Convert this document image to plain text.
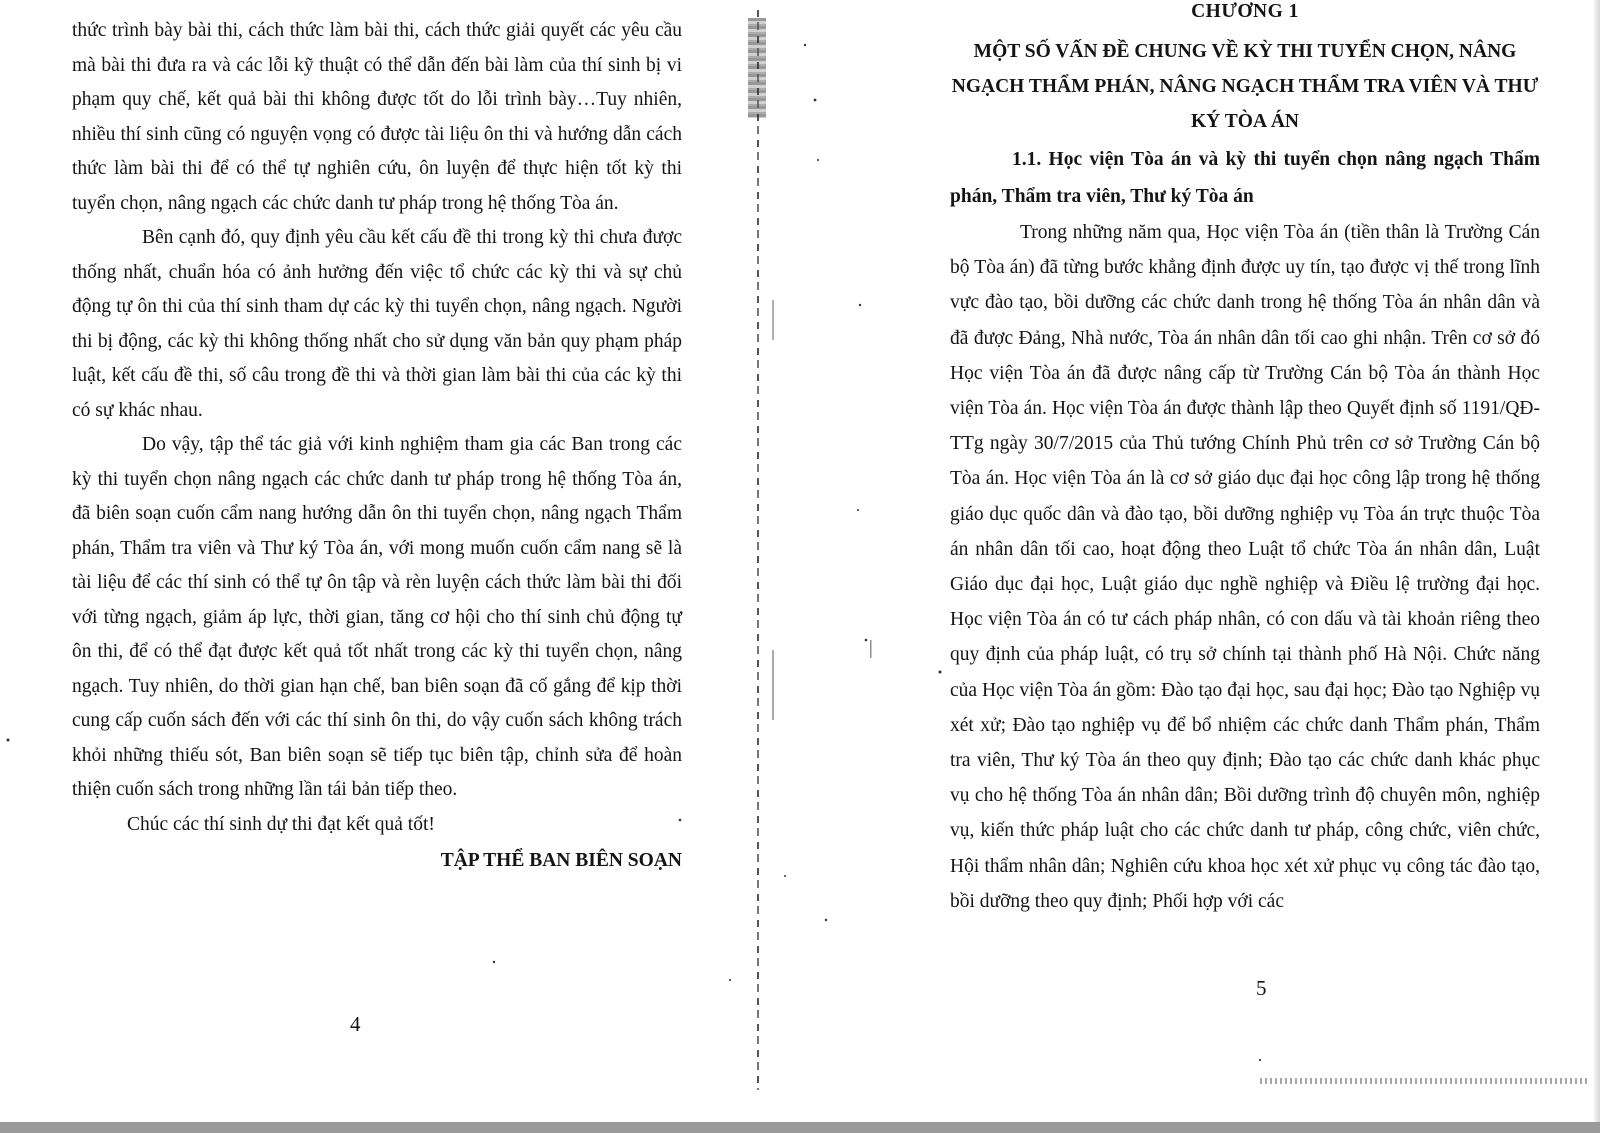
thức trình bày bài thi, cách thức làm bài thi, cách thức giải quyết các yêu cầu mà bài thi đưa ra và các lỗi kỹ thuật có thể dẫn đến bài làm của thí sinh bị vi phạm quy chế, kết quả bài thi không được tốt do lỗi trình bày…Tuy nhiên, nhiều thí sinh cũng có nguyện vọng có được tài liệu ôn thi và hướng dẫn cách thức làm bài thi để có thể tự nghiên cứu, ôn luyện để thực hiện tốt kỳ thi tuyển chọn, nâng ngạch các chức danh tư pháp trong hệ thống Tòa án.

Bên cạnh đó, quy định yêu cầu kết cấu đề thi trong kỳ thi chưa được thống nhất, chuẩn hóa có ảnh hưởng đến việc tổ chức các kỳ thi và sự chủ động tự ôn thi của thí sinh tham dự các kỳ thi tuyển chọn, nâng ngạch. Người thi bị động, các kỳ thi không thống nhất cho sử dụng văn bản quy phạm pháp luật, kết cấu đề thi, số câu trong đề thi và thời gian làm bài thi của các kỳ thi có sự khác nhau.

Do vậy, tập thể tác giả với kinh nghiệm tham gia các Ban trong các kỳ thi tuyển chọn nâng ngạch các chức danh tư pháp trong hệ thống Tòa án, đã biên soạn cuốn cẩm nang hướng dẫn ôn thi tuyển chọn, nâng ngạch Thẩm phán, Thẩm tra viên và Thư ký Tòa án, với mong muốn cuốn cẩm nang sẽ là tài liệu để các thí sinh có thể tự ôn tập và rèn luyện cách thức làm bài thi đối với từng ngạch, giảm áp lực, thời gian, tăng cơ hội cho thí sinh chủ động tự ôn thi, để có thể đạt được kết quả tốt nhất trong các kỳ thi tuyển chọn, nâng ngạch. Tuy nhiên, do thời gian hạn chế, ban biên soạn đã cố gắng để kịp thời cung cấp cuốn sách đến với các thí sinh ôn thi, do vậy cuốn sách không trách khỏi những thiếu sót, Ban biên soạn sẽ tiếp tục biên tập, chỉnh sửa để hoàn thiện cuốn sách trong những lần tái bản tiếp theo.

Chúc các thí sinh dự thi đạt kết quả tốt!

TẬP THỂ BAN BIÊN SOẠN

4

CHƯƠNG 1

MỘT SỐ VẤN ĐỀ CHUNG VỀ KỲ THI TUYỂN CHỌN, NÂNG NGẠCH THẨM PHÁN, NÂNG NGẠCH THẨM TRA VIÊN VÀ THƯ KÝ TÒA ÁN

1.1. Học viện Tòa án và kỳ thi tuyển chọn nâng ngạch Thẩm phán, Thẩm tra viên, Thư ký Tòa án

Trong những năm qua, Học viện Tòa án (tiền thân là Trường Cán bộ Tòa án) đã từng bước khẳng định được uy tín, tạo được vị thế trong lĩnh vực đào tạo, bồi dưỡng các chức danh trong hệ thống Tòa án nhân dân và đã được Đảng, Nhà nước, Tòa án nhân dân tối cao ghi nhận. Trên cơ sở đó Học viện Tòa án đã được nâng cấp từ Trường Cán bộ Tòa án thành Học viện Tòa án. Học viện Tòa án được thành lập theo Quyết định số 1191/QĐ-TTg ngày 30/7/2015 của Thủ tướng Chính Phủ trên cơ sở Trường Cán bộ Tòa án. Học viện Tòa án là cơ sở giáo dục đại học công lập trong hệ thống giáo dục quốc dân và đào tạo, bồi dưỡng nghiệp vụ Tòa án trực thuộc Tòa án nhân dân tối cao, hoạt động theo Luật tổ chức Tòa án nhân dân, Luật Giáo dục đại học, Luật giáo dục nghề nghiệp và Điều lệ trường đại học. Học viện Tòa án có tư cách pháp nhân, có con dấu và tài khoản riêng theo quy định của pháp luật, có trụ sở chính tại thành phố Hà Nội. Chức năng của Học viện Tòa án gồm: Đào tạo đại học, sau đại học; Đào tạo Nghiệp vụ xét xử; Đào tạo nghiệp vụ để bổ nhiệm các chức danh Thẩm phán, Thẩm tra viên, Thư ký Tòa án theo quy định; Đào tạo các chức danh khác phục vụ cho hệ thống Tòa án nhân dân; Bồi dưỡng trình độ chuyên môn, nghiệp vụ, kiến thức pháp luật cho các chức danh tư pháp, công chức, viên chức, Hội thẩm nhân dân; Nghiên cứu khoa học xét xử phục vụ công tác đào tạo, bồi dưỡng theo quy định; Phối hợp với các

5
